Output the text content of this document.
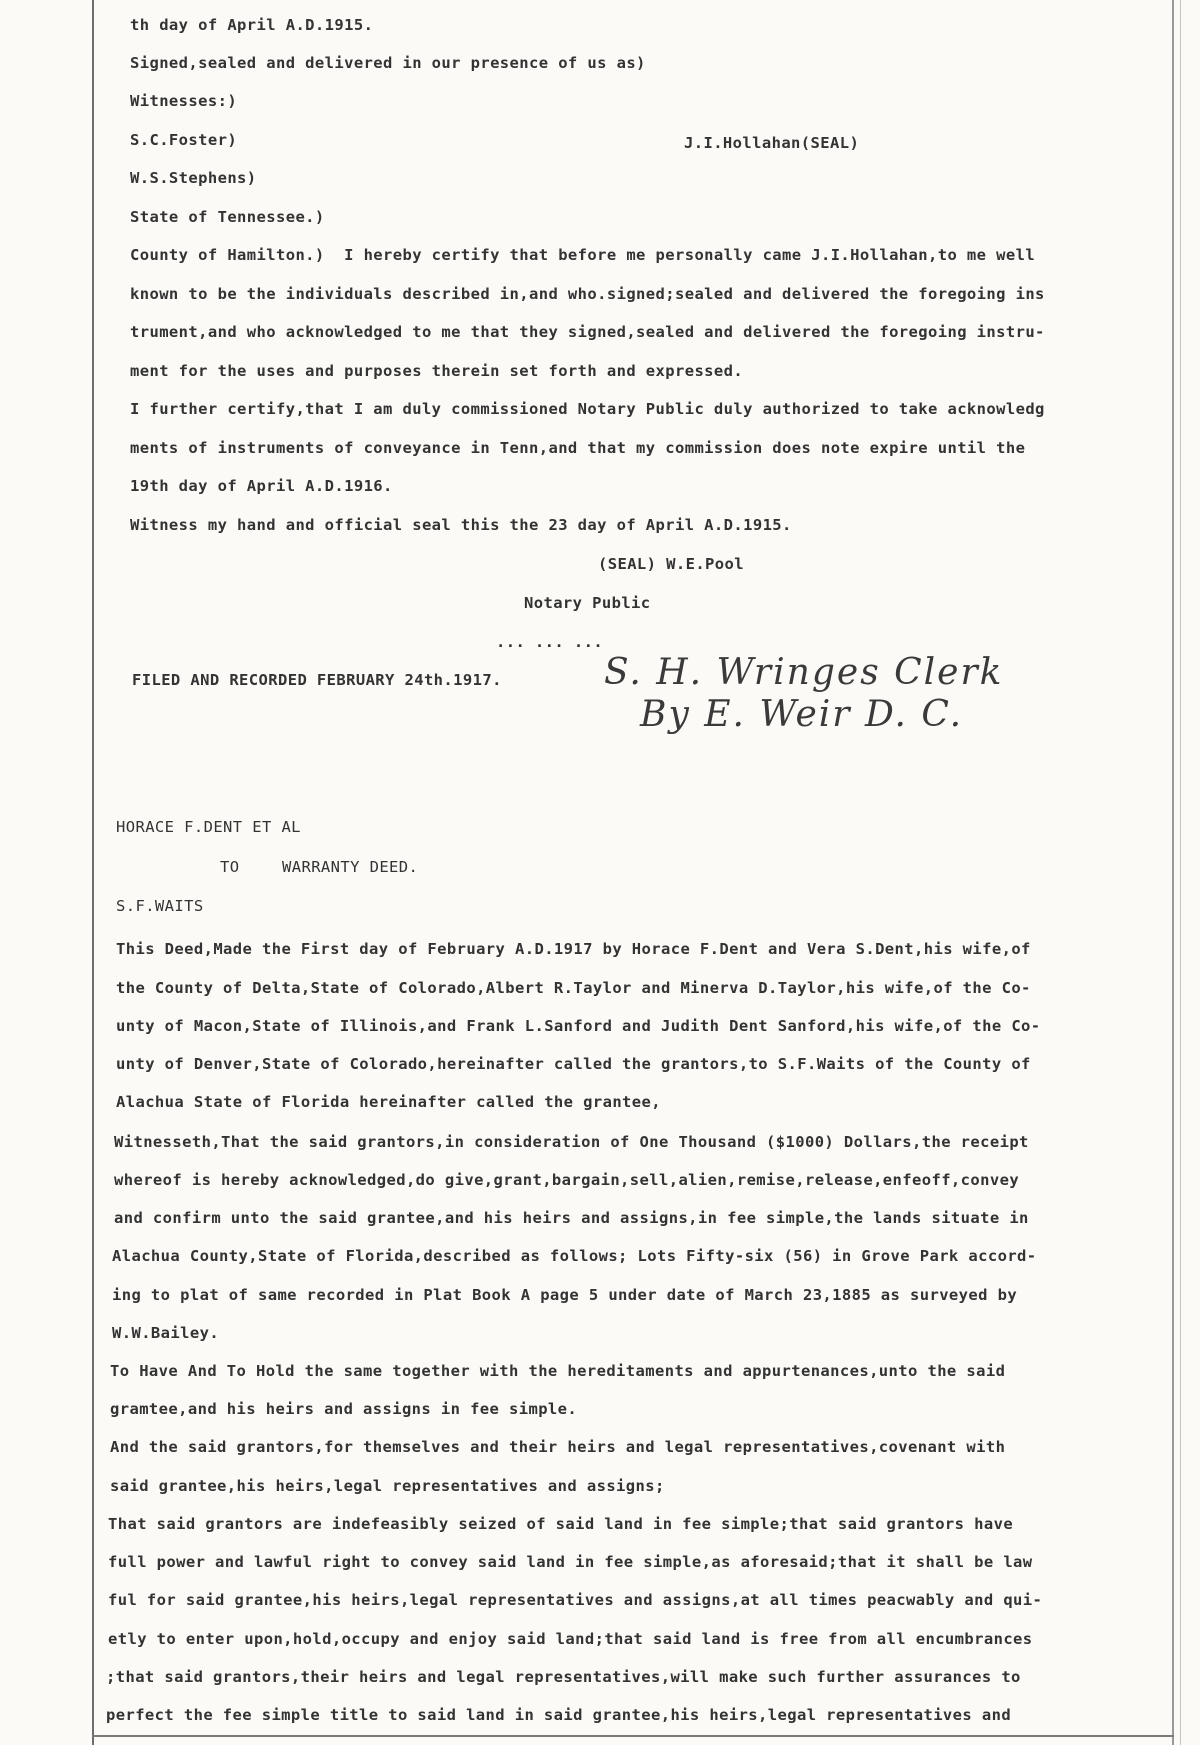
th day of April A.D.1915.
Signed,sealed and delivered in our presence of us as)
Witnesses:)
S.C.Foster)	J.I.Hollahan(SEAL)
W.S.Stephens)
State of Tennessee.)
County of Hamilton.)  I hereby certify that before me personally came J.I.Hollahan,to me well
known to be the individuals described in,and who.signed;sealed and delivered the foregoing ins
trument,and who acknowledged to me that they signed,sealed and delivered the foregoing instru-
ment for the uses and purposes therein set forth and expressed.
I further certify,that I am duly commissioned Notary Public duly authorized to take acknowledg
ments of instruments of conveyance in Tenn,and that my commission does note expire until the
19th day of April A.D.1916.
Witness my hand and official seal this the 23 day of April A.D.1915.
(SEAL) W.E.Pool
Notary Public
... ... ...
FILED AND RECORDED FEBRUARY 24th.1917.	S. H. Wringes Clerk
By E. Weir D. C.
HORACE F.DENT ET AL
TO	WARRANTY DEED.
S.F.WAITS
This Deed,Made the First day of February A.D.1917 by Horace F.Dent and Vera S.Dent,his wife,of
the County of Delta,State of Colorado,Albert R.Taylor and Minerva D.Taylor,his wife,of the Co-
unty of Macon,State of Illinois,and Frank L.Sanford and Judith Dent Sanford,his wife,of the Co-
unty of Denver,State of Colorado,hereinafter called the grantors,to S.F.Waits of the County of
Alachua State of Florida hereinafter called the grantee,
Witnesseth,That the said grantors,in consideration of One Thousand ($1000) Dollars,the receipt
whereof is hereby acknowledged,do give,grant,bargain,sell,alien,remise,release,enfeoff,convey
and confirm unto the said grantee,and his heirs and assigns,in fee simple,the lands situate in
Alachua County,State of Florida,described as follows; Lots Fifty-six (56) in Grove Park accord-
ing to plat of same recorded in Plat Book A page 5 under date of March 23,1885 as surveyed by
W.W.Bailey.
To Have And To Hold the same together with the hereditaments and appurtenances,unto the said
gramtee,and his heirs and assigns in fee simple.
And the said grantors,for themselves and their heirs and legal representatives,covenant with
said grantee,his heirs,legal representatives and assigns;
That said grantors are indefeasibly seized of said land in fee simple;that said grantors have
full power and lawful right to convey said land in fee simple,as aforesaid;that it shall be law
ful for said grantee,his heirs,legal representatives and assigns,at all times peacwably and qui-
etly to enter upon,hold,occupy and enjoy said land;that said land is free from all encumbrances
;that said grantors,their heirs and legal representatives,will make such further assurances to
perfect the fee simple title to said land in said grantee,his heirs,legal representatives and
